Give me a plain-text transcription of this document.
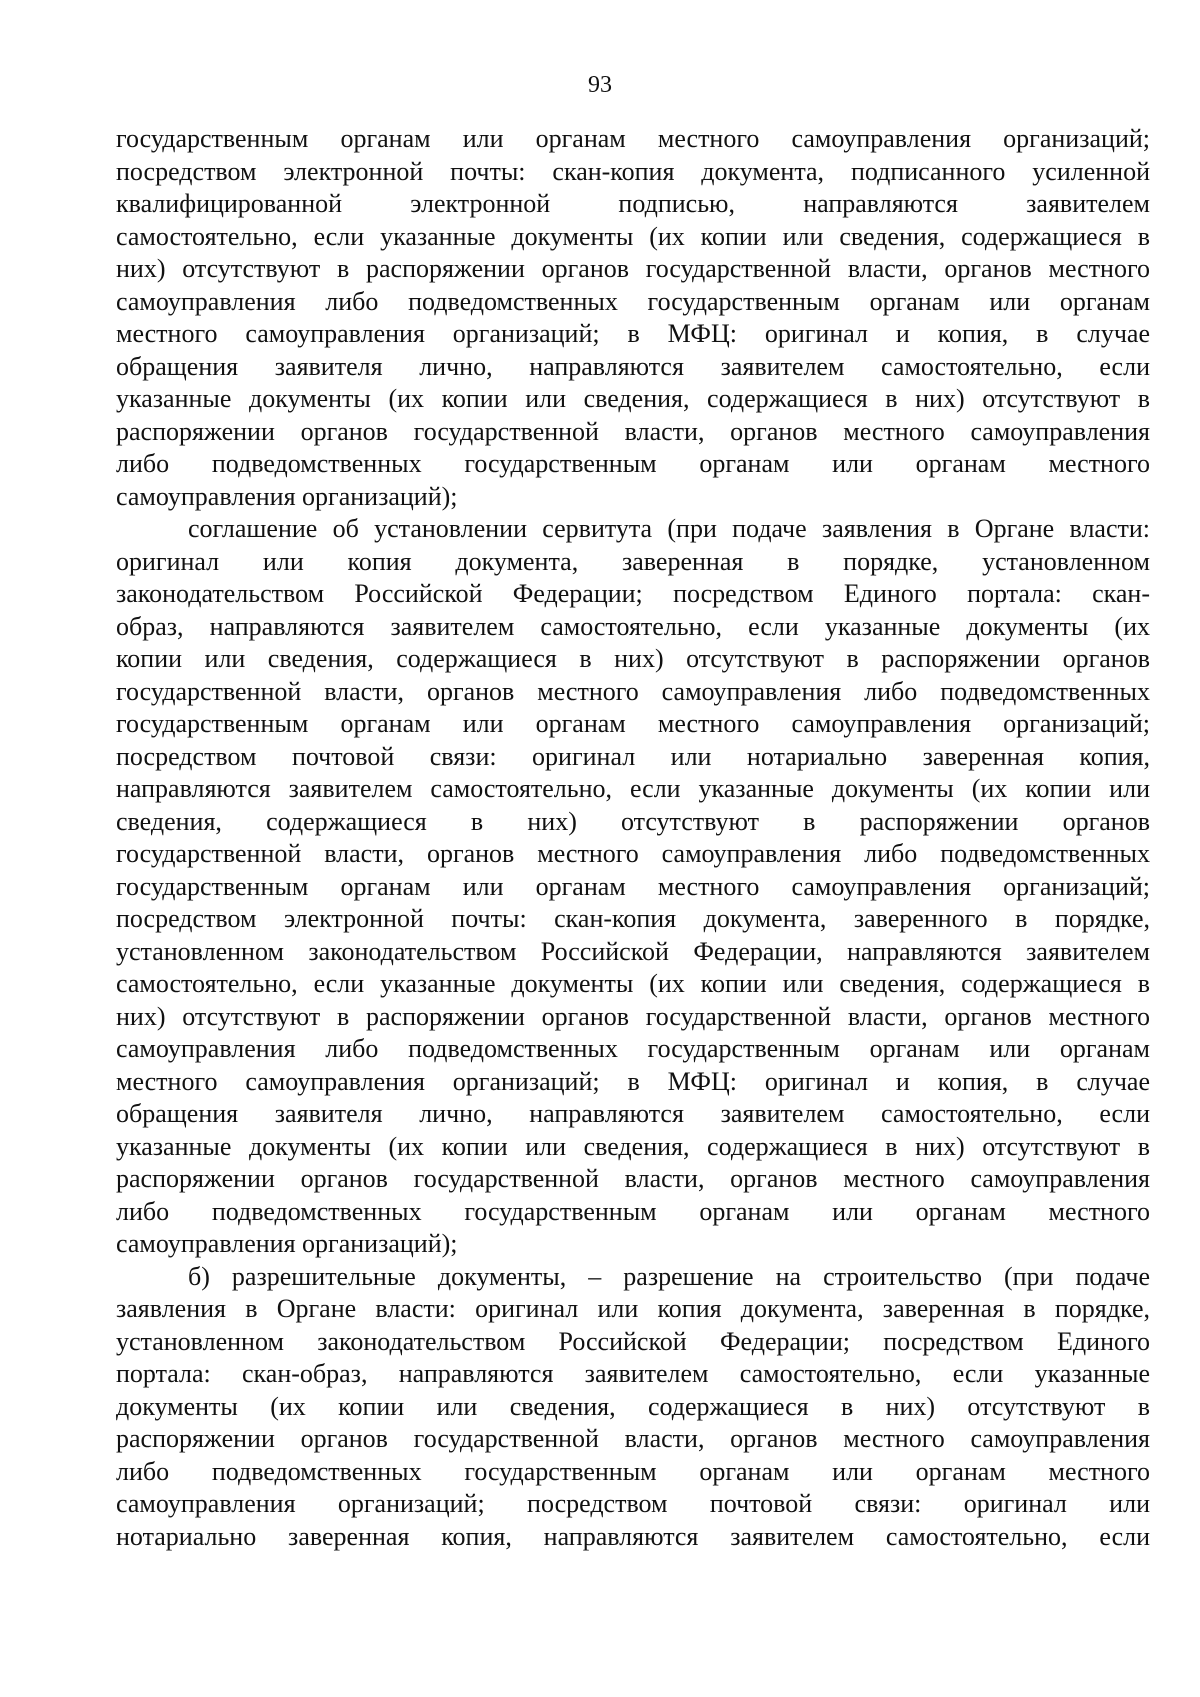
93
государственным органам или органам местного самоуправления организаций;
посредством электронной почты: скан-копия документа, подписанного усиленной
квалифицированной электронной подписью, направляются заявителем
самостоятельно, если указанные документы (их копии или сведения, содержащиеся в
них) отсутствуют в распоряжении органов государственной власти, органов местного
самоуправления либо подведомственных государственным органам или органам
местного самоуправления организаций; в МФЦ: оригинал и копия, в случае
обращения заявителя лично, направляются заявителем самостоятельно, если
указанные документы (их копии или сведения, содержащиеся в них) отсутствуют в
распоряжении органов государственной власти, органов местного самоуправления
либо подведомственных государственным органам или органам местного
самоуправления организаций);
соглашение об установлении сервитута (при подаче заявления в Органе власти:
оригинал или копия документа, заверенная в порядке, установленном
законодательством Российской Федерации; посредством Единого портала: скан-
образ, направляются заявителем самостоятельно, если указанные документы (их
копии или сведения, содержащиеся в них) отсутствуют в распоряжении органов
государственной власти, органов местного самоуправления либо подведомственных
государственным органам или органам местного самоуправления организаций;
посредством почтовой связи: оригинал или нотариально заверенная копия,
направляются заявителем самостоятельно, если указанные документы (их копии или
сведения, содержащиеся в них) отсутствуют в распоряжении органов
государственной власти, органов местного самоуправления либо подведомственных
государственным органам или органам местного самоуправления организаций;
посредством электронной почты: скан-копия документа, заверенного в порядке,
установленном законодательством Российской Федерации, направляются заявителем
самостоятельно, если указанные документы (их копии или сведения, содержащиеся в
них) отсутствуют в распоряжении органов государственной власти, органов местного
самоуправления либо подведомственных государственным органам или органам
местного самоуправления организаций; в МФЦ: оригинал и копия, в случае
обращения заявителя лично, направляются заявителем самостоятельно, если
указанные документы (их копии или сведения, содержащиеся в них) отсутствуют в
распоряжении органов государственной власти, органов местного самоуправления
либо подведомственных государственным органам или органам местного
самоуправления организаций);
б) разрешительные документы, – разрешение на строительство (при подаче
заявления в Органе власти: оригинал или копия документа, заверенная в порядке,
установленном законодательством Российской Федерации; посредством Единого
портала: скан-образ, направляются заявителем самостоятельно, если указанные
документы (их копии или сведения, содержащиеся в них) отсутствуют в
распоряжении органов государственной власти, органов местного самоуправления
либо подведомственных государственным органам или органам местного
самоуправления организаций; посредством почтовой связи: оригинал или
нотариально заверенная копия, направляются заявителем самостоятельно, если
